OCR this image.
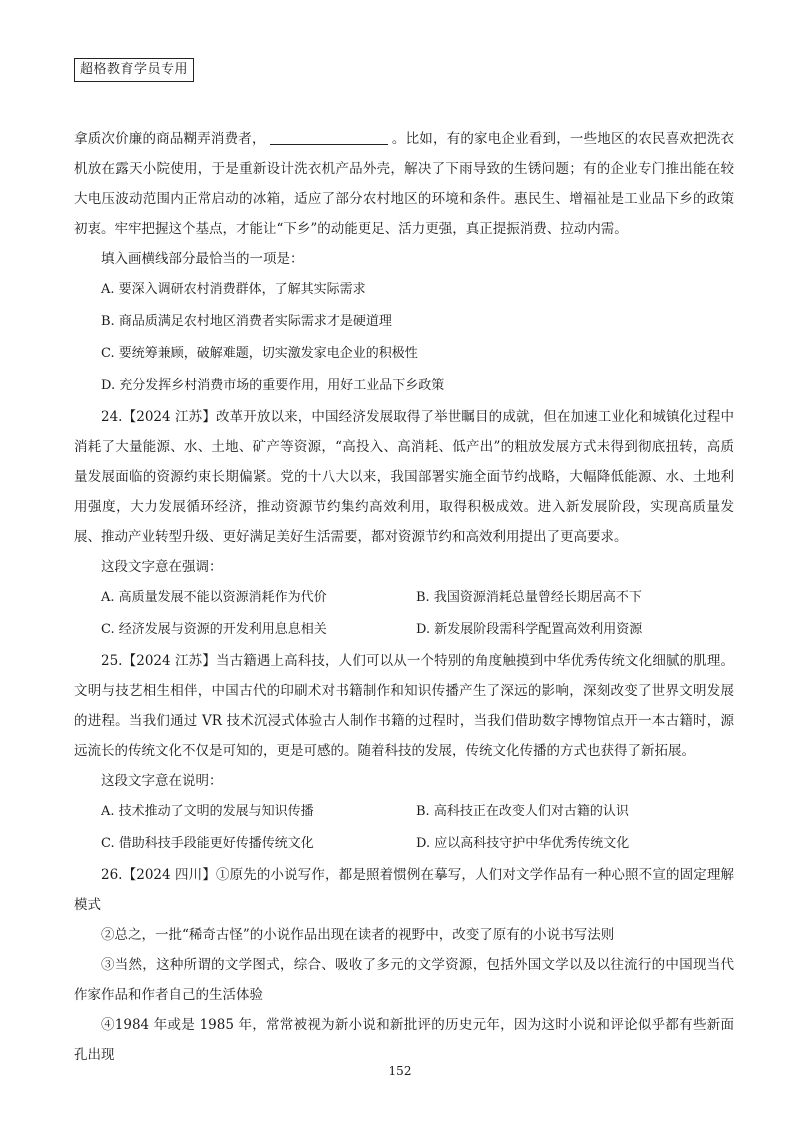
超格教育学员专用

拿质次价廉的商品糊弄消费者，	。比如，有的家电企业看到，一些地区的农民喜欢把洗衣机放在露天小院使用，于是重新设计洗衣机产品外壳，解决了下雨导致的生锈问题；有的企业专门推出能在较大电压波动范围内正常启动的冰箱，适应了部分农村地区的环境和条件。惠民生、增福祉是工业品下乡的政策初衷。牢牢把握这个基点，才能让“下乡”的动能更足、活力更强，真正提振消费、拉动内需。

填入画横线部分最恰当的一项是：

A. 要深入调研农村消费群体，了解其实际需求
B. 商品质满足农村地区消费者实际需求才是硬道理
C. 要统筹兼顾，破解难题，切实激发家电企业的积极性
D. 充分发挥乡村消费市场的重要作用，用好工业品下乡政策

24.【2024 江苏】改革开放以来，中国经济发展取得了举世瞩目的成就，但在加速工业化和城镇化过程中消耗了大量能源、水、土地、矿产等资源，“高投入、高消耗、低产出”的粗放发展方式未得到彻底扭转，高质量发展面临的资源约束长期偏紧。党的十八大以来，我国部署实施全面节约战略，大幅降低能源、水、土地利用强度，大力发展循环经济，推动资源节约集约高效利用，取得积极成效。进入新发展阶段，实现高质量发展、推动产业转型升级、更好满足美好生活需要，都对资源节约和高效利用提出了更高要求。

这段文字意在强调：

A. 高质量发展不能以资源消耗作为代价	B. 我国资源消耗总量曾经长期居高不下
C. 经济发展与资源的开发利用息息相关	D. 新发展阶段需科学配置高效利用资源

25.【2024 江苏】当古籍遇上高科技，人们可以从一个特别的角度触摸到中华优秀传统文化细腻的肌理。文明与技艺相生相伴，中国古代的印刷术对书籍制作和知识传播产生了深远的影响，深刻改变了世界文明发展的进程。当我们通过 VR 技术沉浸式体验古人制作书籍的过程时，当我们借助数字博物馆点开一本古籍时，源远流长的传统文化不仅是可知的，更是可感的。随着科技的发展，传统文化传播的方式也获得了新拓展。

这段文字意在说明：

A. 技术推动了文明的发展与知识传播	B. 高科技正在改变人们对古籍的认识
C. 借助科技手段能更好传播传统文化	D. 应以高科技守护中华优秀传统文化

26.【2024 四川】①原先的小说写作，都是照着惯例在摹写，人们对文学作品有一种心照不宣的固定理解模式

②总之，一批“稀奇古怪”的小说作品出现在读者的视野中，改变了原有的小说书写法则

③当然，这种所谓的文学图式，综合、吸收了多元的文学资源，包括外国文学以及以往流行的中国现当代作家作品和作者自己的生活体验

④1984 年或是 1985 年，常常被视为新小说和新批评的历史元年，因为这时小说和评论似乎都有些新面孔出现

152
